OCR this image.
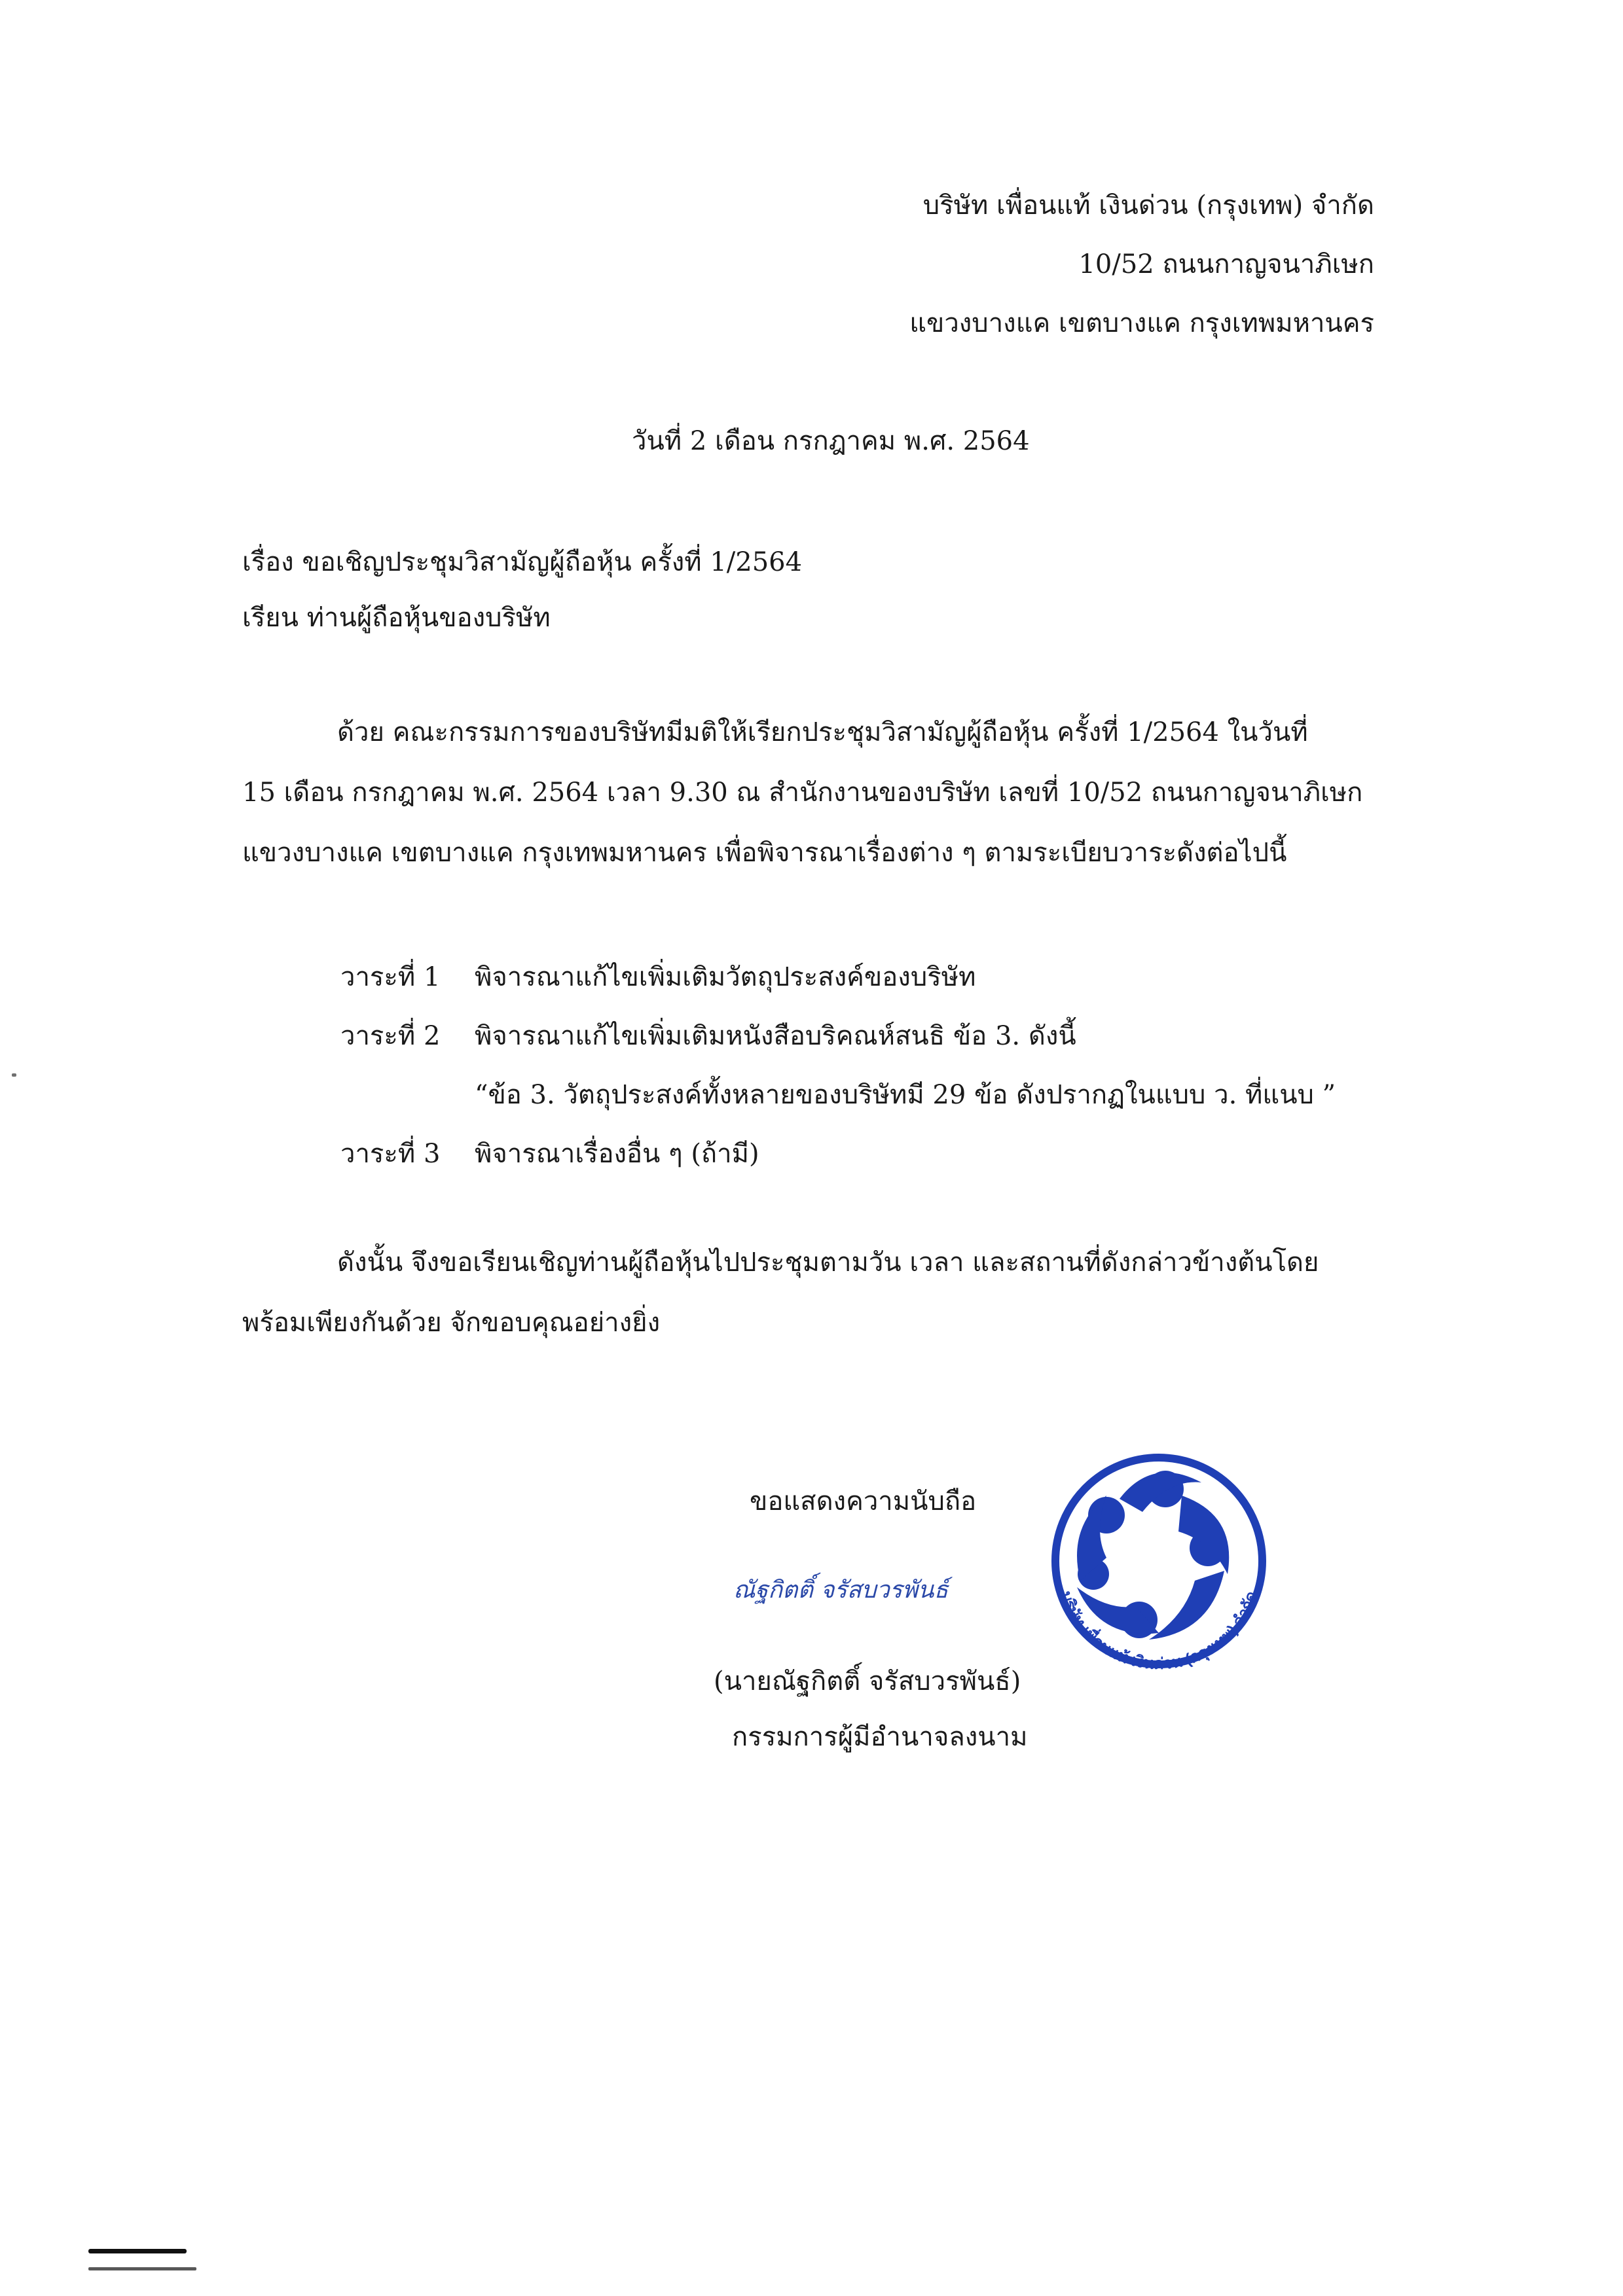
บริษัท เพื่อนแท้ เงินด่วน (กรุงเทพ) จำกัด
10/52 ถนนกาญจนาภิเษก
แขวงบางแค เขตบางแค กรุงเทพมหานคร
วันที่ 2 เดือน กรกฎาคม พ.ศ. 2564
เรื่อง ขอเชิญประชุมวิสามัญผู้ถือหุ้น ครั้งที่ 1/2564
เรียน ท่านผู้ถือหุ้นของบริษัท
ด้วย คณะกรรมการของบริษัทมีมติให้เรียกประชุมวิสามัญผู้ถือหุ้น ครั้งที่ 1/2564 ในวันที่
15 เดือน กรกฎาคม พ.ศ. 2564 เวลา 9.30 ณ สำนักงานของบริษัท เลขที่ 10/52 ถนนกาญจนาภิเษก
แขวงบางแค เขตบางแค กรุงเทพมหานคร เพื่อพิจารณาเรื่องต่าง ๆ ตามระเบียบวาระดังต่อไปนี้
วาระที่ 1	พิจารณาแก้ไขเพิ่มเติมวัตถุประสงค์ของบริษัท
วาระที่ 2	พิจารณาแก้ไขเพิ่มเติมหนังสือบริคณห์สนธิ ข้อ 3. ดังนี้
“ข้อ 3. วัตถุประสงค์ทั้งหลายของบริษัทมี 29 ข้อ ดังปรากฏในแบบ ว. ที่แนบ ”
วาระที่ 3	พิจารณาเรื่องอื่น ๆ (ถ้ามี)
ดังนั้น จึงขอเรียนเชิญท่านผู้ถือหุ้นไปประชุมตามวัน เวลา และสถานที่ดังกล่าวข้างต้นโดย
พร้อมเพียงกันด้วย จักขอบคุณอย่างยิ่ง
ขอแสดงความนับถือ
ณัฐกิตติ์ จรัสบวรพันธ์
(นายณัฐกิตติ์ จรัสบวรพันธ์)
กรรมการผู้มีอำนาจลงนาม
บริษัท เพื่อนแท้ เงินด่วน (กรุงเทพ) จำกัด
